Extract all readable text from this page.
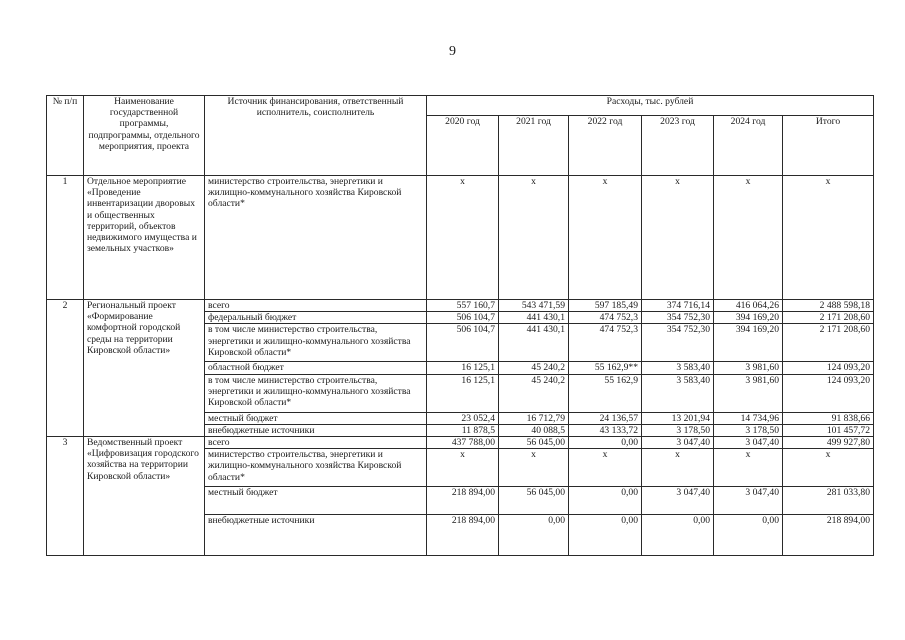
9
№ п/п	Наименование государственной программы, подпрограммы, отдельного мероприятия, проекта	Источник финансирования, ответственный исполнитель, соисполнитель	Расходы, тыс. рублей					
			2020 год	2021 год	2022 год	2023 год	2024 год	Итого
1	Отдельное мероприятие «Проведение инвентаризации дворовых и общественных территорий, объектов недвижимого имущества и земельных участков»	министерство строительства, энергетики и жилищно-коммунального хозяйства Кировской области*	x	x	x	x	x	x
2	Региональный проект «Формирование комфортной городской среды на территории Кировской области»	всего	557 160,7	543 471,59	597 185,49	374 716,14	416 064,26	2 488 598,18
		федеральный бюджет	506 104,7	441 430,1	474 752,3	354 752,30	394 169,20	2 171 208,60
		в том числе министерство строительства, энергетики и жилищно-коммунального хозяйства Кировской области*	506 104,7	441 430,1	474 752,3	354 752,30	394 169,20	2 171 208,60
		областной бюджет	16 125,1	45 240,2	55 162,9**	3 583,40	3 981,60	124 093,20
		в том числе министерство строительства, энергетики и жилищно-коммунального хозяйства Кировской области*	16 125,1	45 240,2	55 162,9	3 583,40	3 981,60	124 093,20
		местный бюджет	23 052,4	16 712,79	24 136,57	13 201,94	14 734,96	91 838,66
		внебюджетные источники	11 878,5	40 088,5	43 133,72	3 178,50	3 178,50	101 457,72
3	Ведомственный проект «Цифровизация городского хозяйства на территории Кировской области»	всего	437 788,00	56 045,00	0,00	3 047,40	3 047,40	499 927,80
		министерство строительства, энергетики и жилищно-коммунального хозяйства Кировской области*	x	x	x	x	x	x
		местный бюджет	218 894,00	56 045,00	0,00	3 047,40	3 047,40	281 033,80
		внебюджетные источники	218 894,00	0,00	0,00	0,00	0,00	218 894,00
